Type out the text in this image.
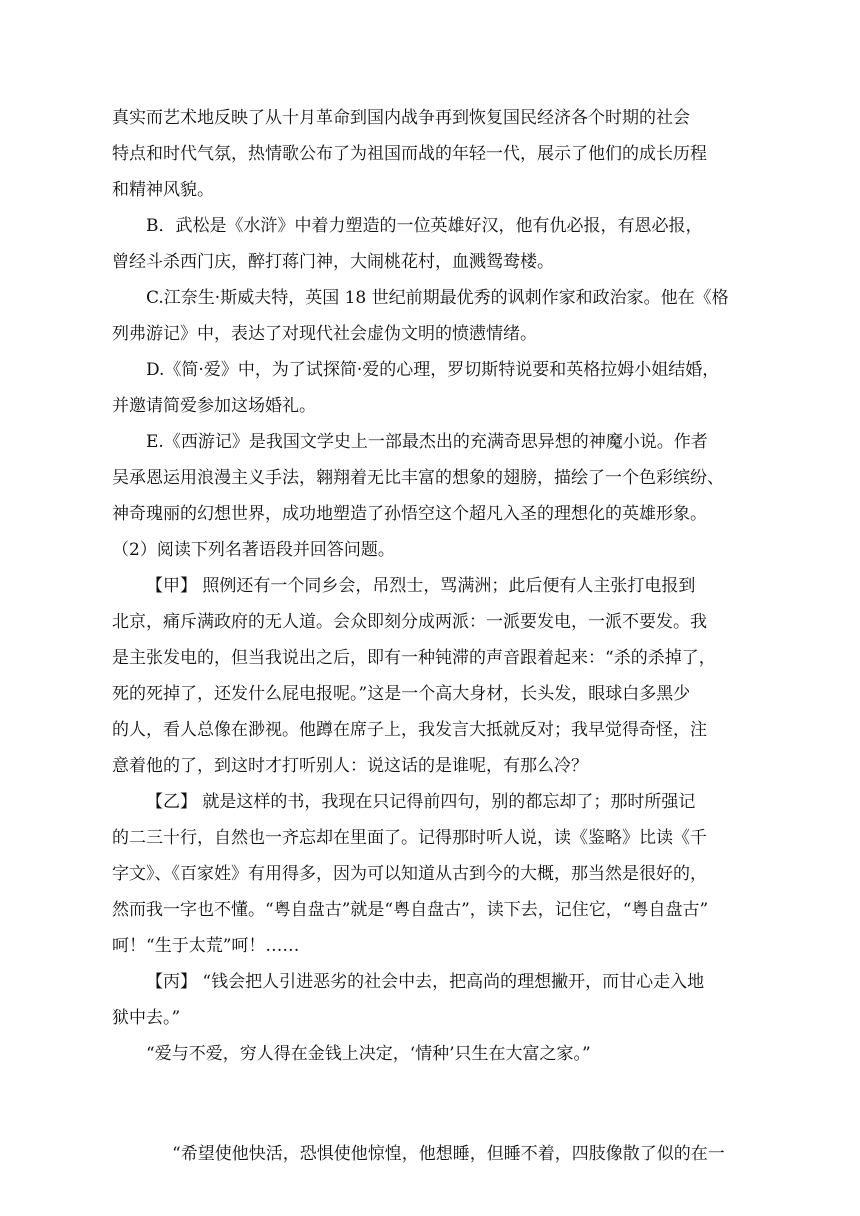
真实而艺术地反映了从十月革命到国内战争再到恢复国民经济各个时期的社会
特点和时代气氛，热情歌公布了为祖国而战的年轻一代，展示了他们的成长历程
和精神风貌。
B．武松是《水浒》中着力塑造的一位英雄好汉，他有仇必报，有恩必报，
曾经斗杀西门庆，醉打蒋门神，大闹桃花村，血溅鸳鸯楼。
C.江奈生·斯威夫特，英国 18 世纪前期最优秀的讽刺作家和政治家。他在《格
列弗游记》中，表达了对现代社会虚伪文明的愤懑情绪。
D.《简·爱》中，为了试探简·爱的心理，罗切斯特说要和英格拉姆小姐结婚，
并邀请简爱参加这场婚礼。
E.《西游记》是我国文学史上一部最杰出的充满奇思异想的神魔小说。作者
吴承恩运用浪漫主义手法，翱翔着无比丰富的想象的翅膀，描绘了一个色彩缤纷、
神奇瑰丽的幻想世界，成功地塑造了孙悟空这个超凡入圣的理想化的英雄形象。
（2）阅读下列名著语段并回答问题。
【甲】 照例还有一个同乡会，吊烈士，骂满洲；此后便有人主张打电报到
北京，痛斥满政府的无人道。会众即刻分成两派：一派要发电，一派不要发。我
是主张发电的，但当我说出之后，即有一种钝滞的声音跟着起来：“杀的杀掉了，
死的死掉了，还发什么屁电报呢。”这是一个高大身材，长头发，眼球白多黑少
的人，看人总像在渺视。他蹲在席子上，我发言大抵就反对；我早觉得奇怪，注
意着他的了，到这时才打听别人：说这话的是谁呢，有那么冷？
【乙】 就是这样的书，我现在只记得前四句，别的都忘却了；那时所强记
的二三十行，自然也一齐忘却在里面了。记得那时听人说，读《鉴略》比读《千
字文》、《百家姓》有用得多，因为可以知道从古到今的大概，那当然是很好的，
然而我一字也不懂。“粤自盘古”就是“粤自盘古”，读下去，记住它，“粤自盘古”
呵！“生于太荒”呵！……
【丙】 “钱会把人引进恶劣的社会中去，把高尚的理想撇开，而甘心走入地
狱中去。”
“爱与不爱，穷人得在金钱上决定，‘情种’只生在大富之家。”
“希望使他快活，恐惧使他惊惶，他想睡，但睡不着，四肢像散了似的在一
